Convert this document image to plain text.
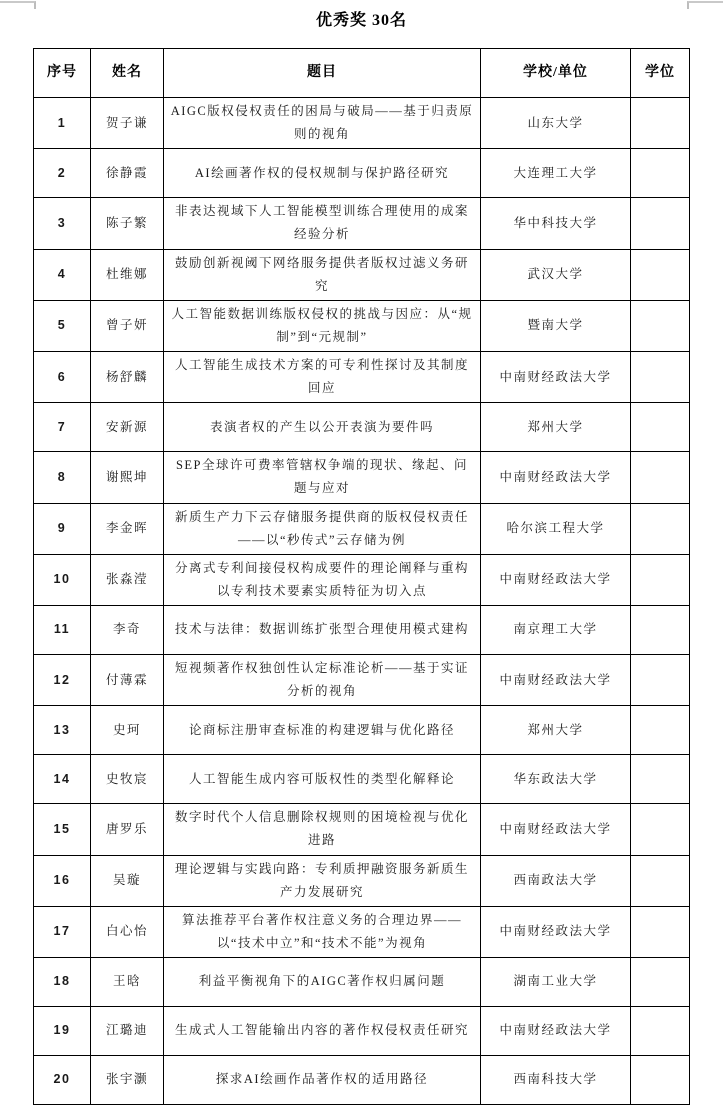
优秀奖 30名
序号	姓名	题目	学校/单位	学位
1	贺子谦	AIGC版权侵权责任的困局与破局——基于归责原则的视角	山东大学	
2	徐静霞	AI绘画著作权的侵权规制与保护路径研究	大连理工大学	
3	陈子繁	非表达视域下人工智能模型训练合理使用的成案经验分析	华中科技大学	
4	杜维娜	鼓励创新视阈下网络服务提供者版权过滤义务研究	武汉大学	
5	曾子妍	人工智能数据训练版权侵权的挑战与因应：从“规制”到“元规制”	暨南大学	
6	杨舒麟	人工智能生成技术方案的可专利性探讨及其制度回应	中南财经政法大学	
7	安新源	表演者权的产生以公开表演为要件吗	郑州大学	
8	谢熙坤	SEP全球许可费率管辖权争端的现状、缘起、问题与应对	中南财经政法大学	
9	李金晖	新质生产力下云存储服务提供商的版权侵权责任——以“秒传式”云存储为例	哈尔滨工程大学	
10	张淼滢	分离式专利间接侵权构成要件的理论阐释与重构以专利技术要素实质特征为切入点	中南财经政法大学	
11	李奇	技术与法律：数据训练扩张型合理使用模式建构	南京理工大学	
12	付薄霖	短视频著作权独创性认定标准论析——基于实证分析的视角	中南财经政法大学	
13	史珂	论商标注册审查标准的构建逻辑与优化路径	郑州大学	
14	史牧宸	人工智能生成内容可版权性的类型化解释论	华东政法大学	
15	唐罗乐	数字时代个人信息删除权规则的困境检视与优化进路	中南财经政法大学	
16	吴璇	理论逻辑与实践向路：专利质押融资服务新质生产力发展研究	西南政法大学	
17	白心怡	算法推荐平台著作权注意义务的合理边界——以“技术中立”和“技术不能”为视角	中南财经政法大学	
18	王晗	利益平衡视角下的AIGC著作权归属问题	湖南工业大学	
19	江璐迪	生成式人工智能输出内容的著作权侵权责任研究	中南财经政法大学	
20	张宇灏	探求AI绘画作品著作权的适用路径	西南科技大学	
